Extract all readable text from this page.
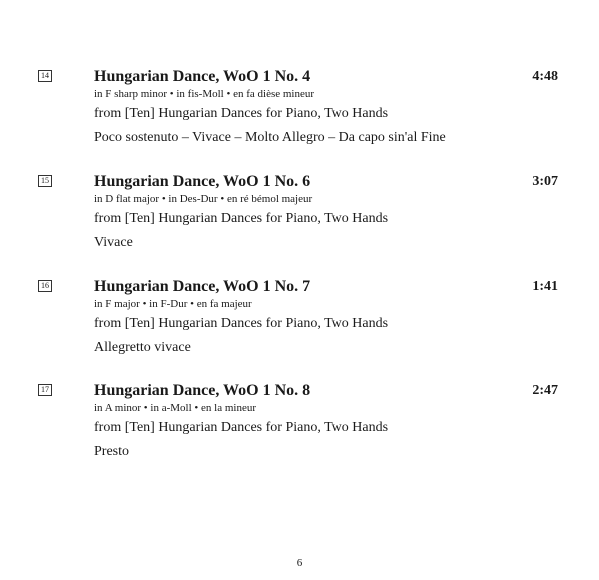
14	Hungarian Dance, WoO 1 No. 4	4:48
in F sharp minor • in fis-Moll • en fa dièse mineur
from [Ten] Hungarian Dances for Piano, Two Hands
Poco sostenuto – Vivace – Molto Allegro – Da capo sin'al Fine
15	Hungarian Dance, WoO 1 No. 6	3:07
in D flat major • in Des-Dur • en ré bémol majeur
from [Ten] Hungarian Dances for Piano, Two Hands
Vivace
16	Hungarian Dance, WoO 1 No. 7	1:41
in F major • in F-Dur • en fa majeur
from [Ten] Hungarian Dances for Piano, Two Hands
Allegretto vivace
17	Hungarian Dance, WoO 1 No. 8	2:47
in A minor • in a-Moll • en la mineur
from [Ten] Hungarian Dances for Piano, Two Hands
Presto
6
